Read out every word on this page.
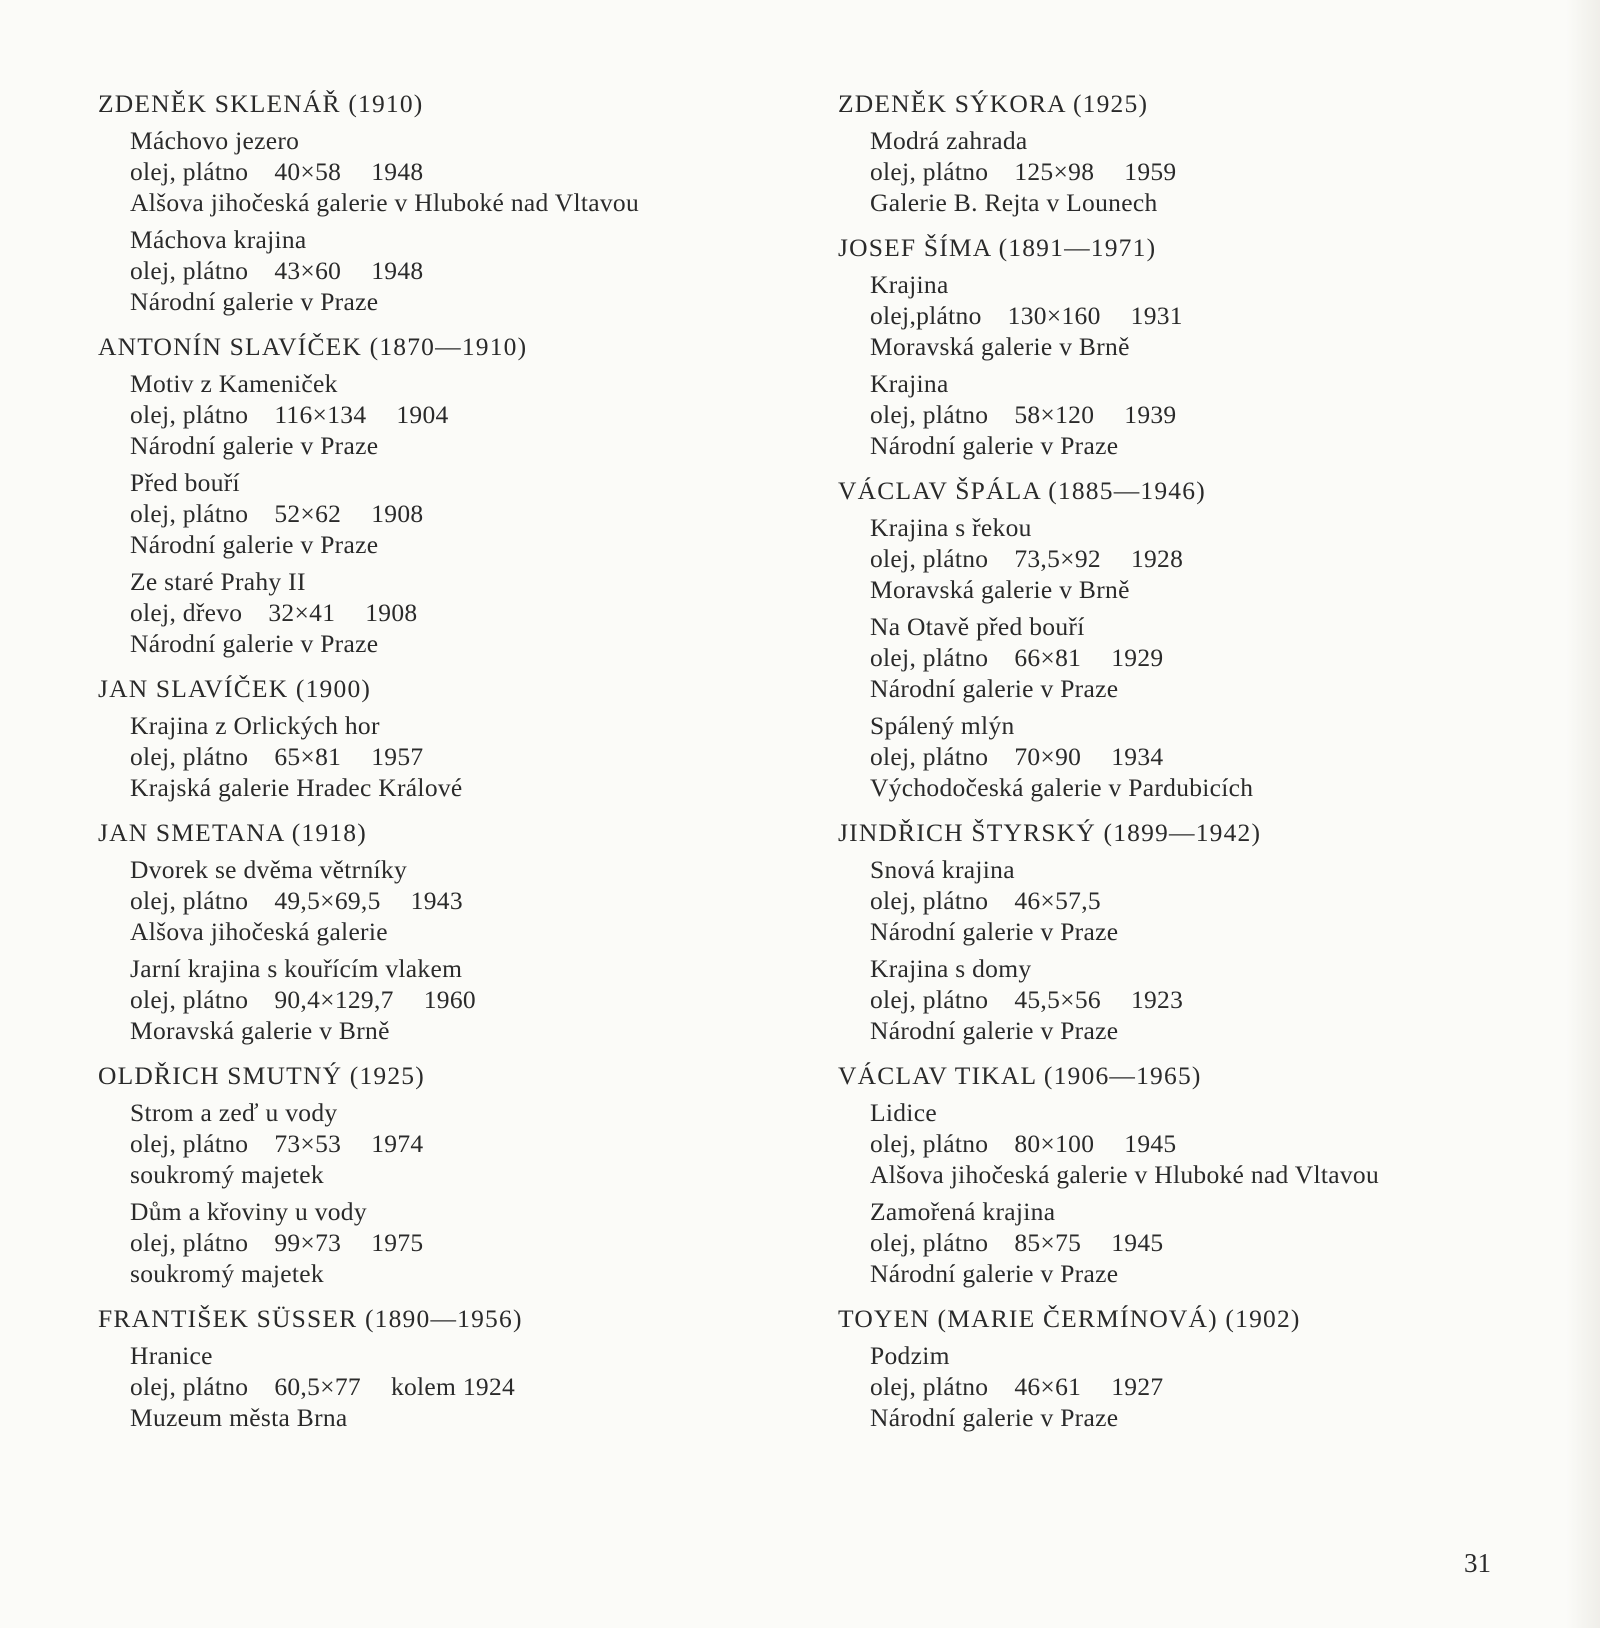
ZDENĚK SKLENÁŘ (1910)
Máchovo jezero
olej, plátno 40×58 1948
Alšova jihočeská galerie v Hluboké nad Vltavou
Máchova krajina
olej, plátno 43×60 1948
Národní galerie v Praze
ANTONÍN SLAVÍČEK (1870—1910)
Motiv z Kameniček
olej, plátno 116×134 1904
Národní galerie v Praze
Před bouří
olej, plátno 52×62 1908
Národní galerie v Praze
Ze staré Prahy II
olej, dřevo 32×41 1908
Národní galerie v Praze
JAN SLAVÍČEK (1900)
Krajina z Orlických hor
olej, plátno 65×81 1957
Krajská galerie Hradec Králové
JAN SMETANA (1918)
Dvorek se dvěma větrníky
olej, plátno 49,5×69,5 1943
Alšova jihočeská galerie
Jarní krajina s kouřícím vlakem
olej, plátno 90,4×129,7 1960
Moravská galerie v Brně
OLDŘICH SMUTNÝ (1925)
Strom a zeď u vody
olej, plátno 73×53 1974
soukromý majetek
Dům a křoviny u vody
olej, plátno 99×73 1975
soukromý majetek
FRANTIŠEK SÜSSER (1890—1956)
Hranice
olej, plátno 60,5×77 kolem 1924
Muzeum města Brna
ZDENĚK SÝKORA (1925)
Modrá zahrada
olej, plátno 125×98 1959
Galerie B. Rejta v Lounech
JOSEF ŠÍMA (1891—1971)
Krajina
olej,plátno 130×160 1931
Moravská galerie v Brně
Krajina
olej, plátno 58×120 1939
Národní galerie v Praze
VÁCLAV ŠPÁLA (1885—1946)
Krajina s řekou
olej, plátno 73,5×92 1928
Moravská galerie v Brně
Na Otavě před bouří
olej, plátno 66×81 1929
Národní galerie v Praze
Spálený mlýn
olej, plátno 70×90 1934
Východočeská galerie v Pardubicích
JINDŘICH ŠTYRSKÝ (1899—1942)
Snová krajina
olej, plátno 46×57,5
Národní galerie v Praze
Krajina s domy
olej, plátno 45,5×56 1923
Národní galerie v Praze
VÁCLAV TIKAL (1906—1965)
Lidice
olej, plátno 80×100 1945
Alšova jihočeská galerie v Hluboké nad Vltavou
Zamořená krajina
olej, plátno 85×75 1945
Národní galerie v Praze
TOYEN (MARIE ČERMÍNOVÁ) (1902)
Podzim
olej, plátno 46×61 1927
Národní galerie v Praze
31
